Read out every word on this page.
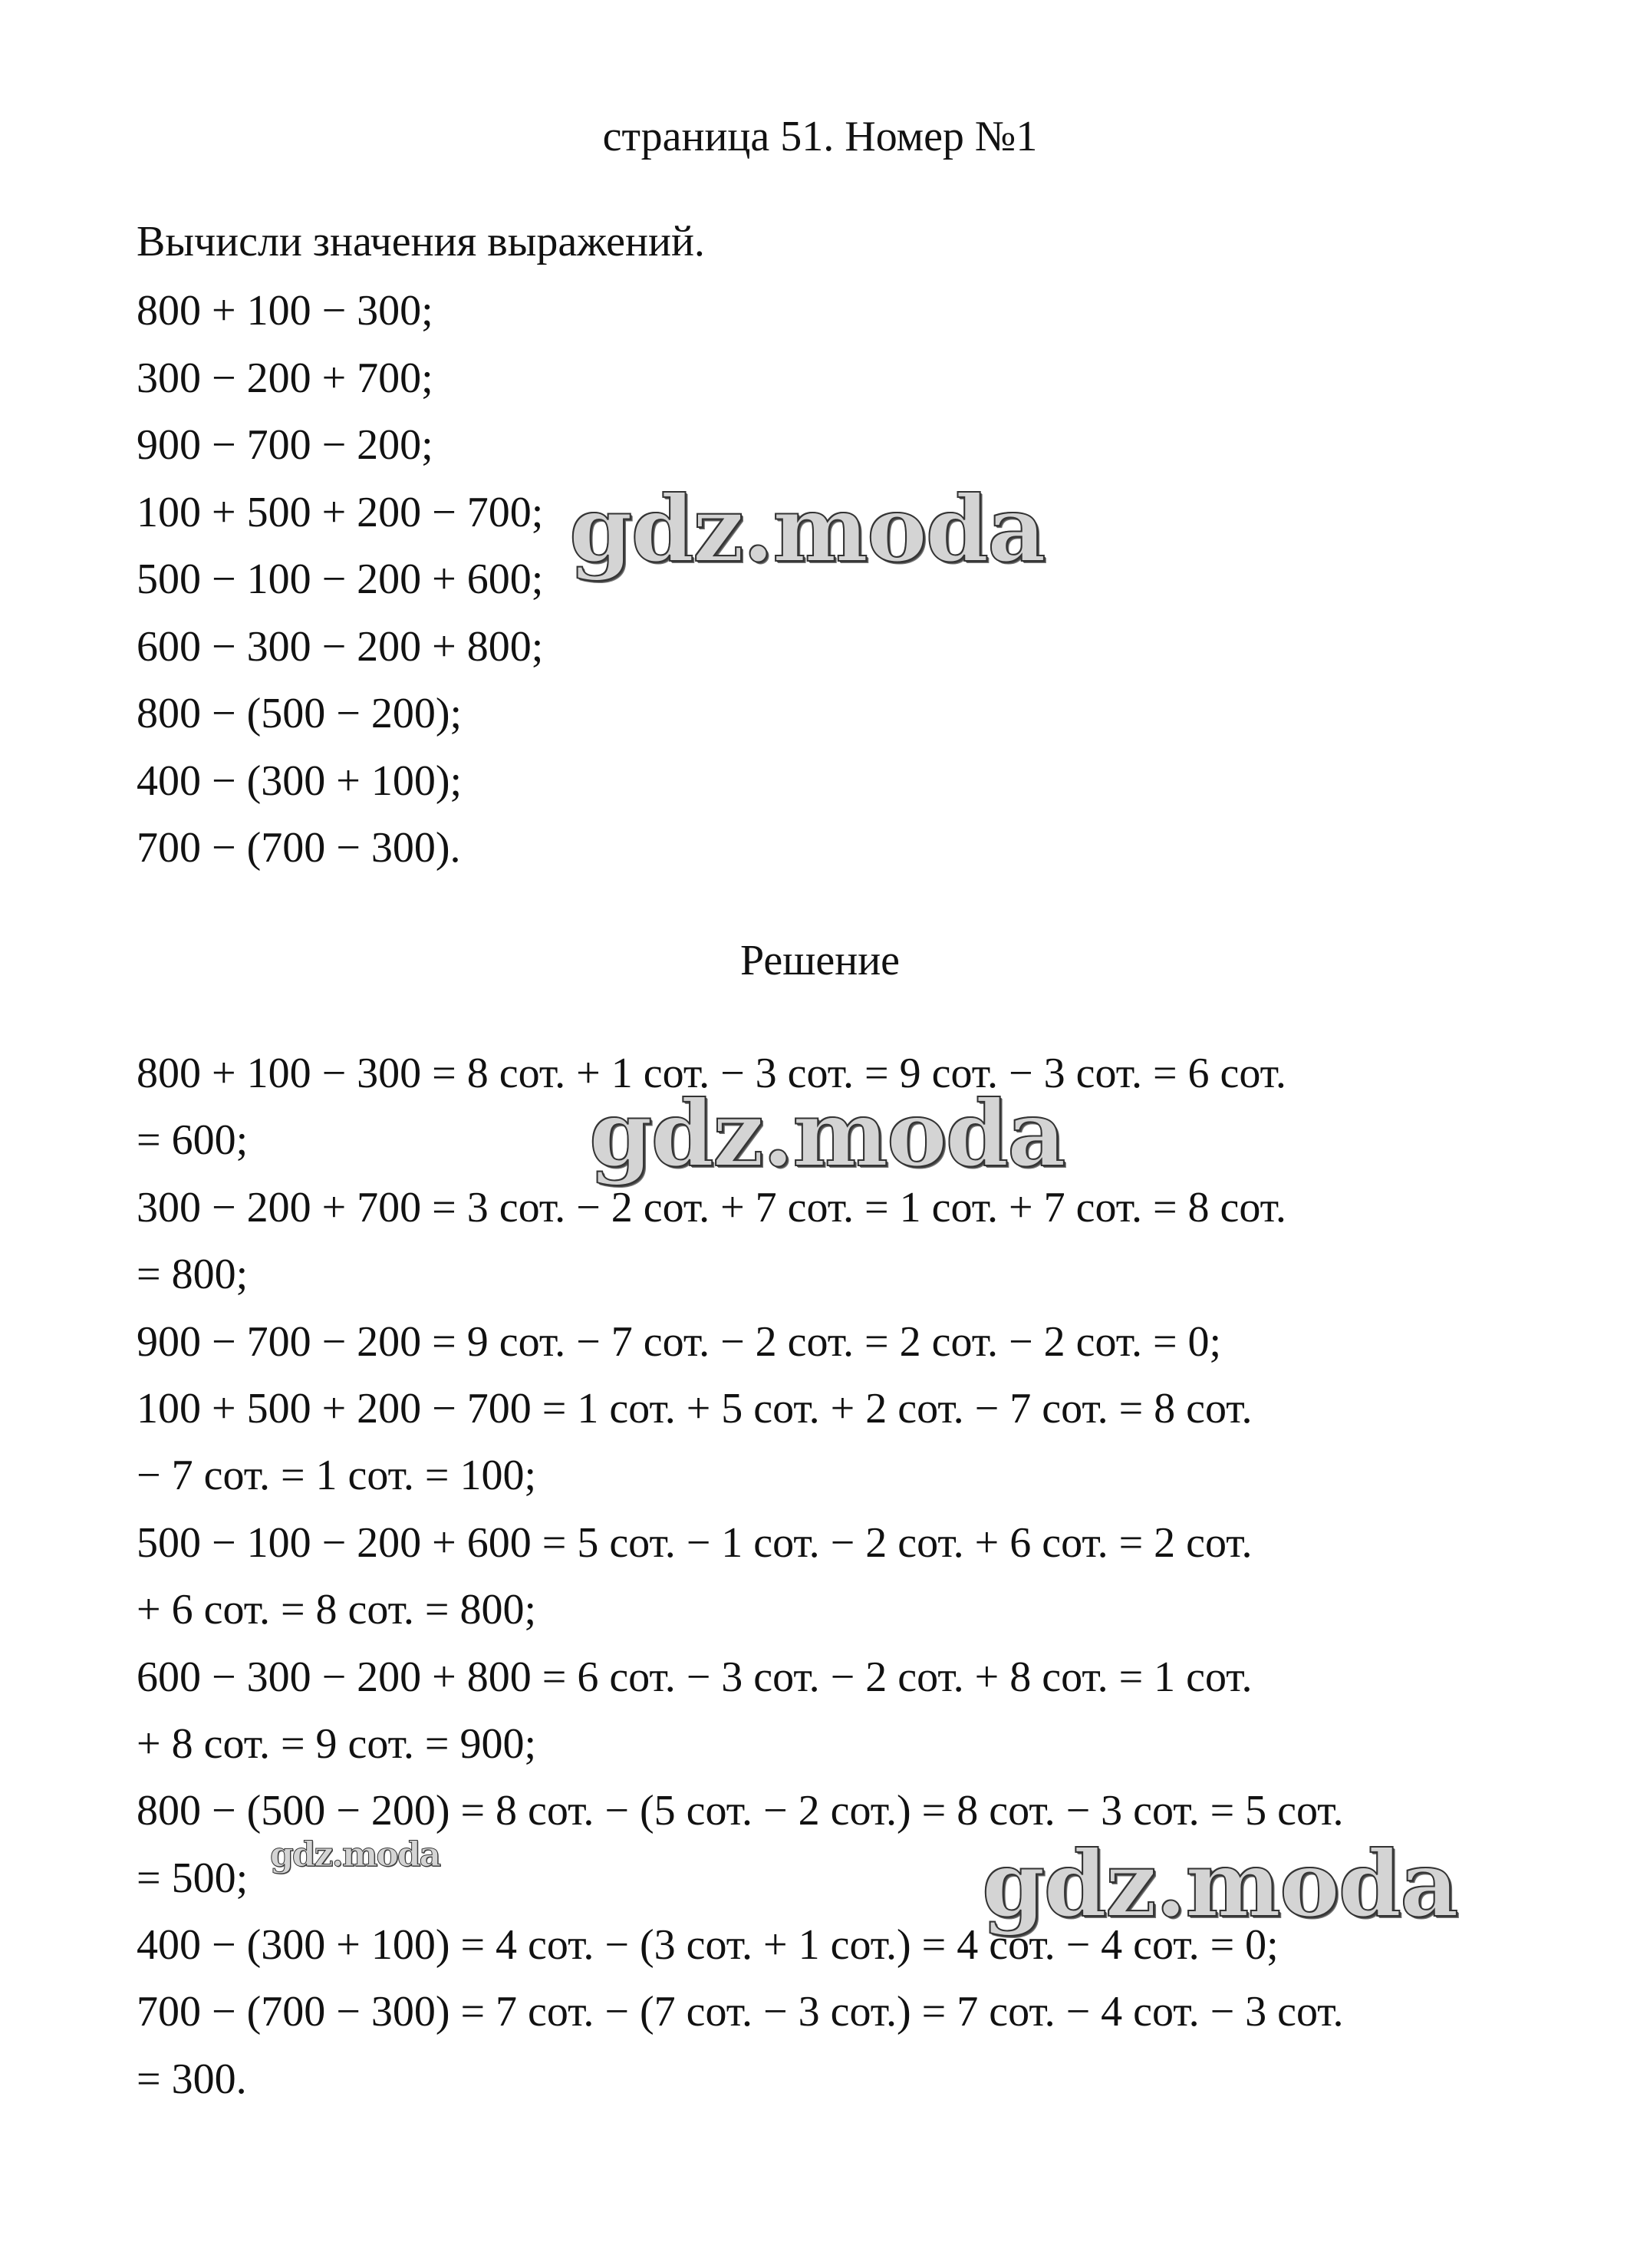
страница 51. Номер №1
Вычисли значения выражений.
800 + 100 − 300;
300 − 200 + 700;
900 − 700 − 200;
100 + 500 + 200 − 700;
500 − 100 − 200 + 600;
600 − 300 − 200 + 800;
800 − (500 − 200);
400 − (300 + 100);
700 − (700 − 300).
Решение
800 + 100 − 300 = 8 сот. + 1 сот. − 3 сот. = 9 сот. − 3 сот. = 6 сот.
= 600;
300 − 200 + 700 = 3 сот. − 2 сот. + 7 сот. = 1 сот. + 7 сот. = 8 сот.
= 800;
900 − 700 − 200 = 9 сот. − 7 сот. − 2 сот. = 2 сот. − 2 сот. = 0;
100 + 500 + 200 − 700 = 1 сот. + 5 сот. + 2 сот. − 7 сот. = 8 сот.
− 7 сот. = 1 сот. = 100;
500 − 100 − 200 + 600 = 5 сот. − 1 сот. − 2 сот. + 6 сот. = 2 сот.
+ 6 сот. = 8 сот. = 800;
600 − 300 − 200 + 800 = 6 сот. − 3 сот. − 2 сот. + 8 сот. = 1 сот.
+ 8 сот. = 9 сот. = 900;
800 − (500 − 200) = 8 сот. − (5 сот. − 2 сот.) = 8 сот. − 3 сот. = 5 сот.
= 500;
400 − (300 + 100) = 4 сот. − (3 сот. + 1 сот.) = 4 сот. − 4 сот. = 0;
700 − (700 − 300) = 7 сот. − (7 сот. − 3 сот.) = 7 сот. − 4 сот. − 3 сот.
= 300.
gdz.moda
gdz.moda
gdz.moda	gdz.moda
